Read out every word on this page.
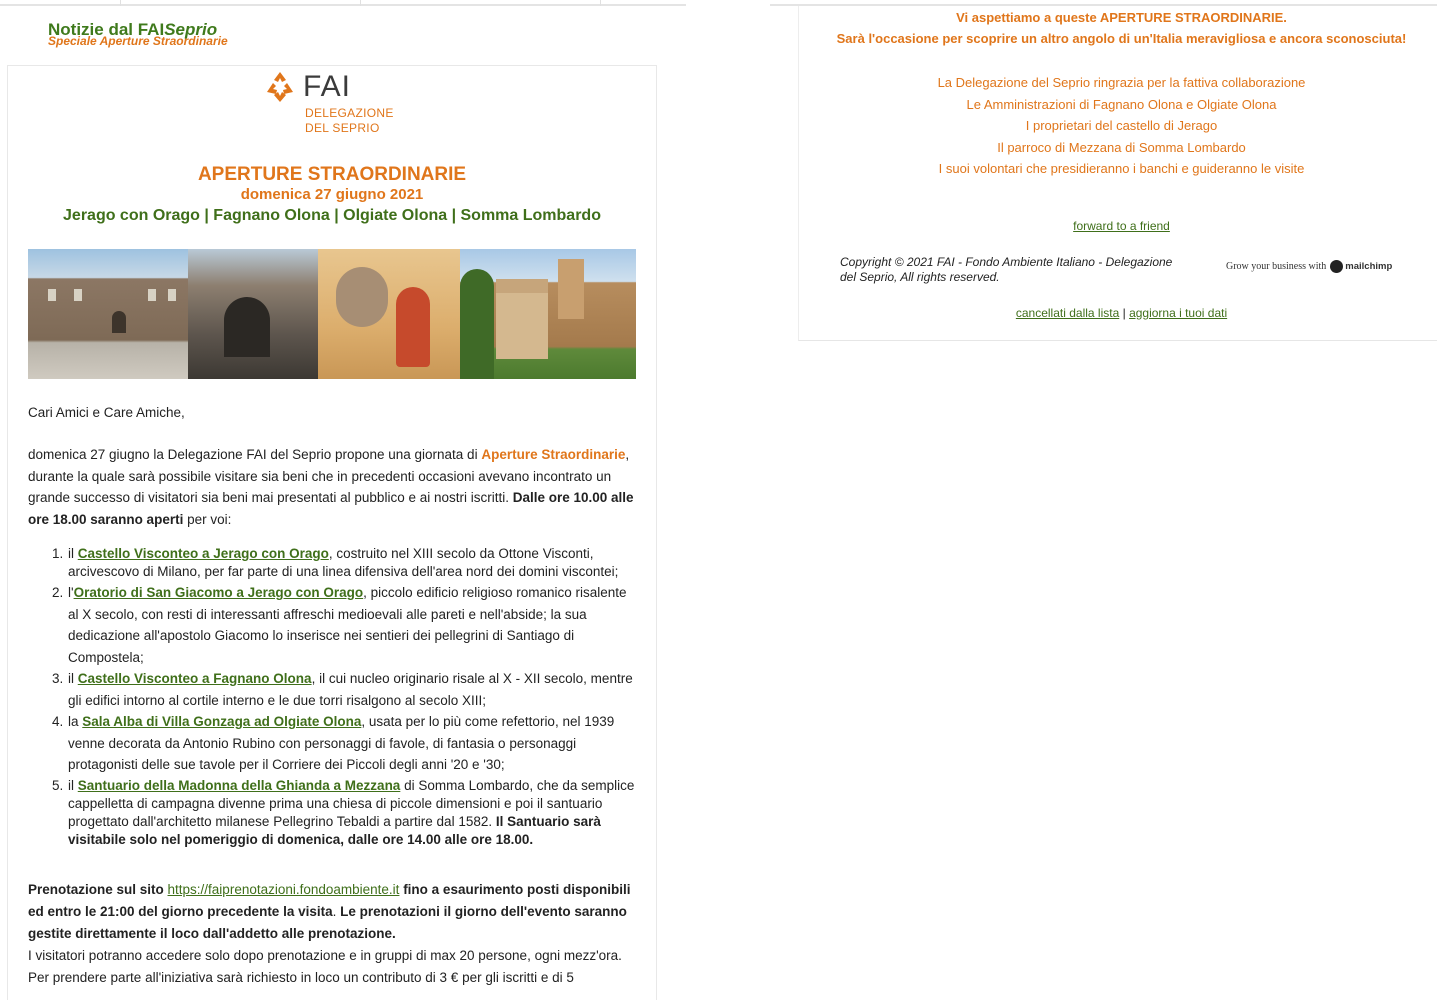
Notizie dal FAISeprio
Speciale Aperture Straordinarie
FAI
DELEGAZIONE
DEL SEPRIO
APERTURE STRAORDINARIE
domenica 27 giugno 2021
Jerago con Orago | Fagnano Olona | Olgiate Olona | Somma Lombardo
Cari Amici e Care Amiche,
domenica 27 giugno la Delegazione FAI del Seprio propone una giornata di Aperture Straordinarie, durante la quale sarà possibile visitare sia beni che in precedenti occasioni avevano incontrato un grande successo di visitatori sia beni mai presentati al pubblico e ai nostri iscritti. Dalle ore 10.00 alle ore 18.00 saranno aperti per voi:
1. il Castello Visconteo a Jerago con Orago, costruito nel XIII secolo da Ottone Visconti, arcivescovo di Milano, per far parte di una linea difensiva dell'area nord dei domini viscontei;
2. l'Oratorio di San Giacomo a Jerago con Orago, piccolo edificio religioso romanico risalente al X secolo, con resti di interessanti affreschi medioevali alle pareti e nell'abside; la sua dedicazione all'apostolo Giacomo lo inserisce nei sentieri dei pellegrini di Santiago di Compostela;
3. il Castello Visconteo a Fagnano Olona, il cui nucleo originario risale al X - XII secolo, mentre gli edifici intorno al cortile interno e le due torri risalgono al secolo XIII;
4. la Sala Alba di Villa Gonzaga ad Olgiate Olona, usata per lo più come refettorio, nel 1939 venne decorata da Antonio Rubino con personaggi di favole, di fantasia o personaggi protagonisti delle sue tavole per il Corriere dei Piccoli degli anni '20 e '30;
5. il Santuario della Madonna della Ghianda a Mezzana di Somma Lombardo, che da semplice cappelletta di campagna divenne prima una chiesa di piccole dimensioni e poi il santuario progettato dall'architetto milanese Pellegrino Tebaldi a partire dal 1582. Il Santuario sarà visitabile solo nel pomeriggio di domenica, dalle ore 14.00 alle ore 18.00.
Prenotazione sul sito https://faiprenotazioni.fondoambiente.it fino a esaurimento posti disponibili ed entro le 21:00 del giorno precedente la visita. Le prenotazioni il giorno dell'evento saranno gestite direttamente il loco dall'addetto alle prenotazione.
I visitatori potranno accedere solo dopo prenotazione e in gruppi di max 20 persone, ogni mezz'ora. Per prendere parte all'iniziativa sarà richiesto in loco un contributo di 3 € per gli iscritti e di 5
Vi aspettiamo a queste APERTURE STRAORDINARIE.
Sarà l'occasione per scoprire un altro angolo di un'Italia meravigliosa e ancora sconosciuta!
La Delegazione del Seprio ringrazia per la fattiva collaborazione
Le Amministrazioni di Fagnano Olona e Olgiate Olona
I proprietari del castello di Jerago
Il parroco di Mezzana di Somma Lombardo
I suoi volontari che presidieranno i banchi e guideranno le visite
forward to a friend
Copyright © 2021 FAI - Fondo Ambiente Italiano - Delegazione del Seprio, All rights reserved.
Grow your business with mailchimp
cancellati dalla lista | aggiorna i tuoi dati
